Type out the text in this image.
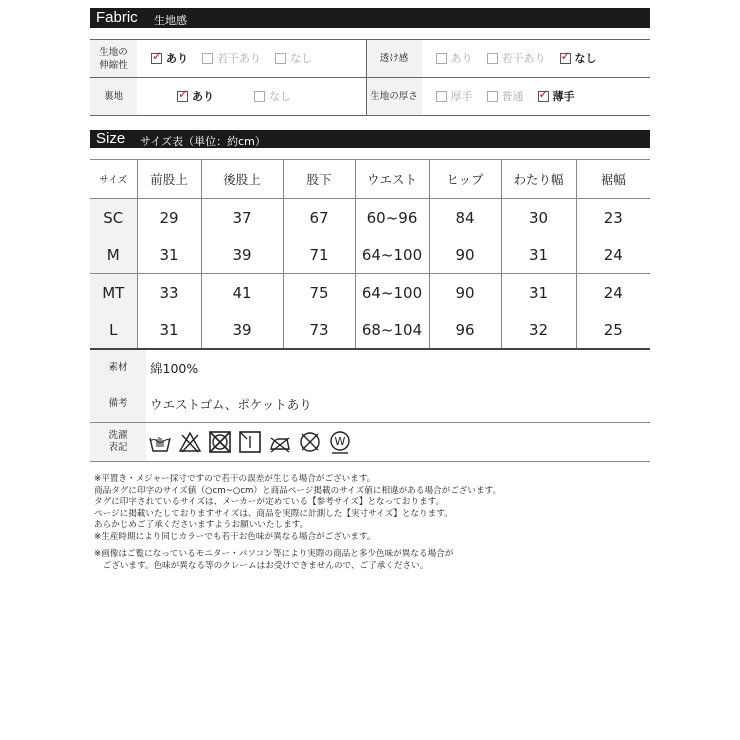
Fabric 生地感
生地の
伸縮性	
✓あり 若干あり なし	透け感	あり 若干あり ✓ なし

裏地	
✓あり なし	生地の厚さ	厚手 普通 ✓ 薄手
Size サイズ表（単位：約cm）
サイズ	前股上	後股上	股下	ウエスト	ヒップ	わたり幅	裾幅
SC	29	37	67	60~96	84	30	23
M	31	39	71	64~100	90	31	24
MT	33	41	75	64~100	90	31	24
L	31	39	73	68~104	96	32	25
素材	綿100%
備考	ウエストゴム、ポケットあり
洗濯
表記	W

※平置き・メジャー採寸ですので若干の誤差が生じる場合がございます。

商品タグに印字のサイズ値（○cm~○cm）と商品ページ掲載のサイズ値に相違がある場合がございます。

タグに印字されているサイズは、メーカーが定めている【参考サイズ】となっております。

ページに掲載いたしておりますサイズは、商品を実際に計測した【実寸サイズ】となります。

あらかじめご了承くださいますようお願いいたします。

※生産時期により同じカラーでも若干お色味が異なる場合がございます。

※画像はご覧になっているモニター・パソコン等により実際の商品と多少色味が異なる場合が

　ございます。色味が異なる等のクレームはお受けできませんので、ご了承ください。
